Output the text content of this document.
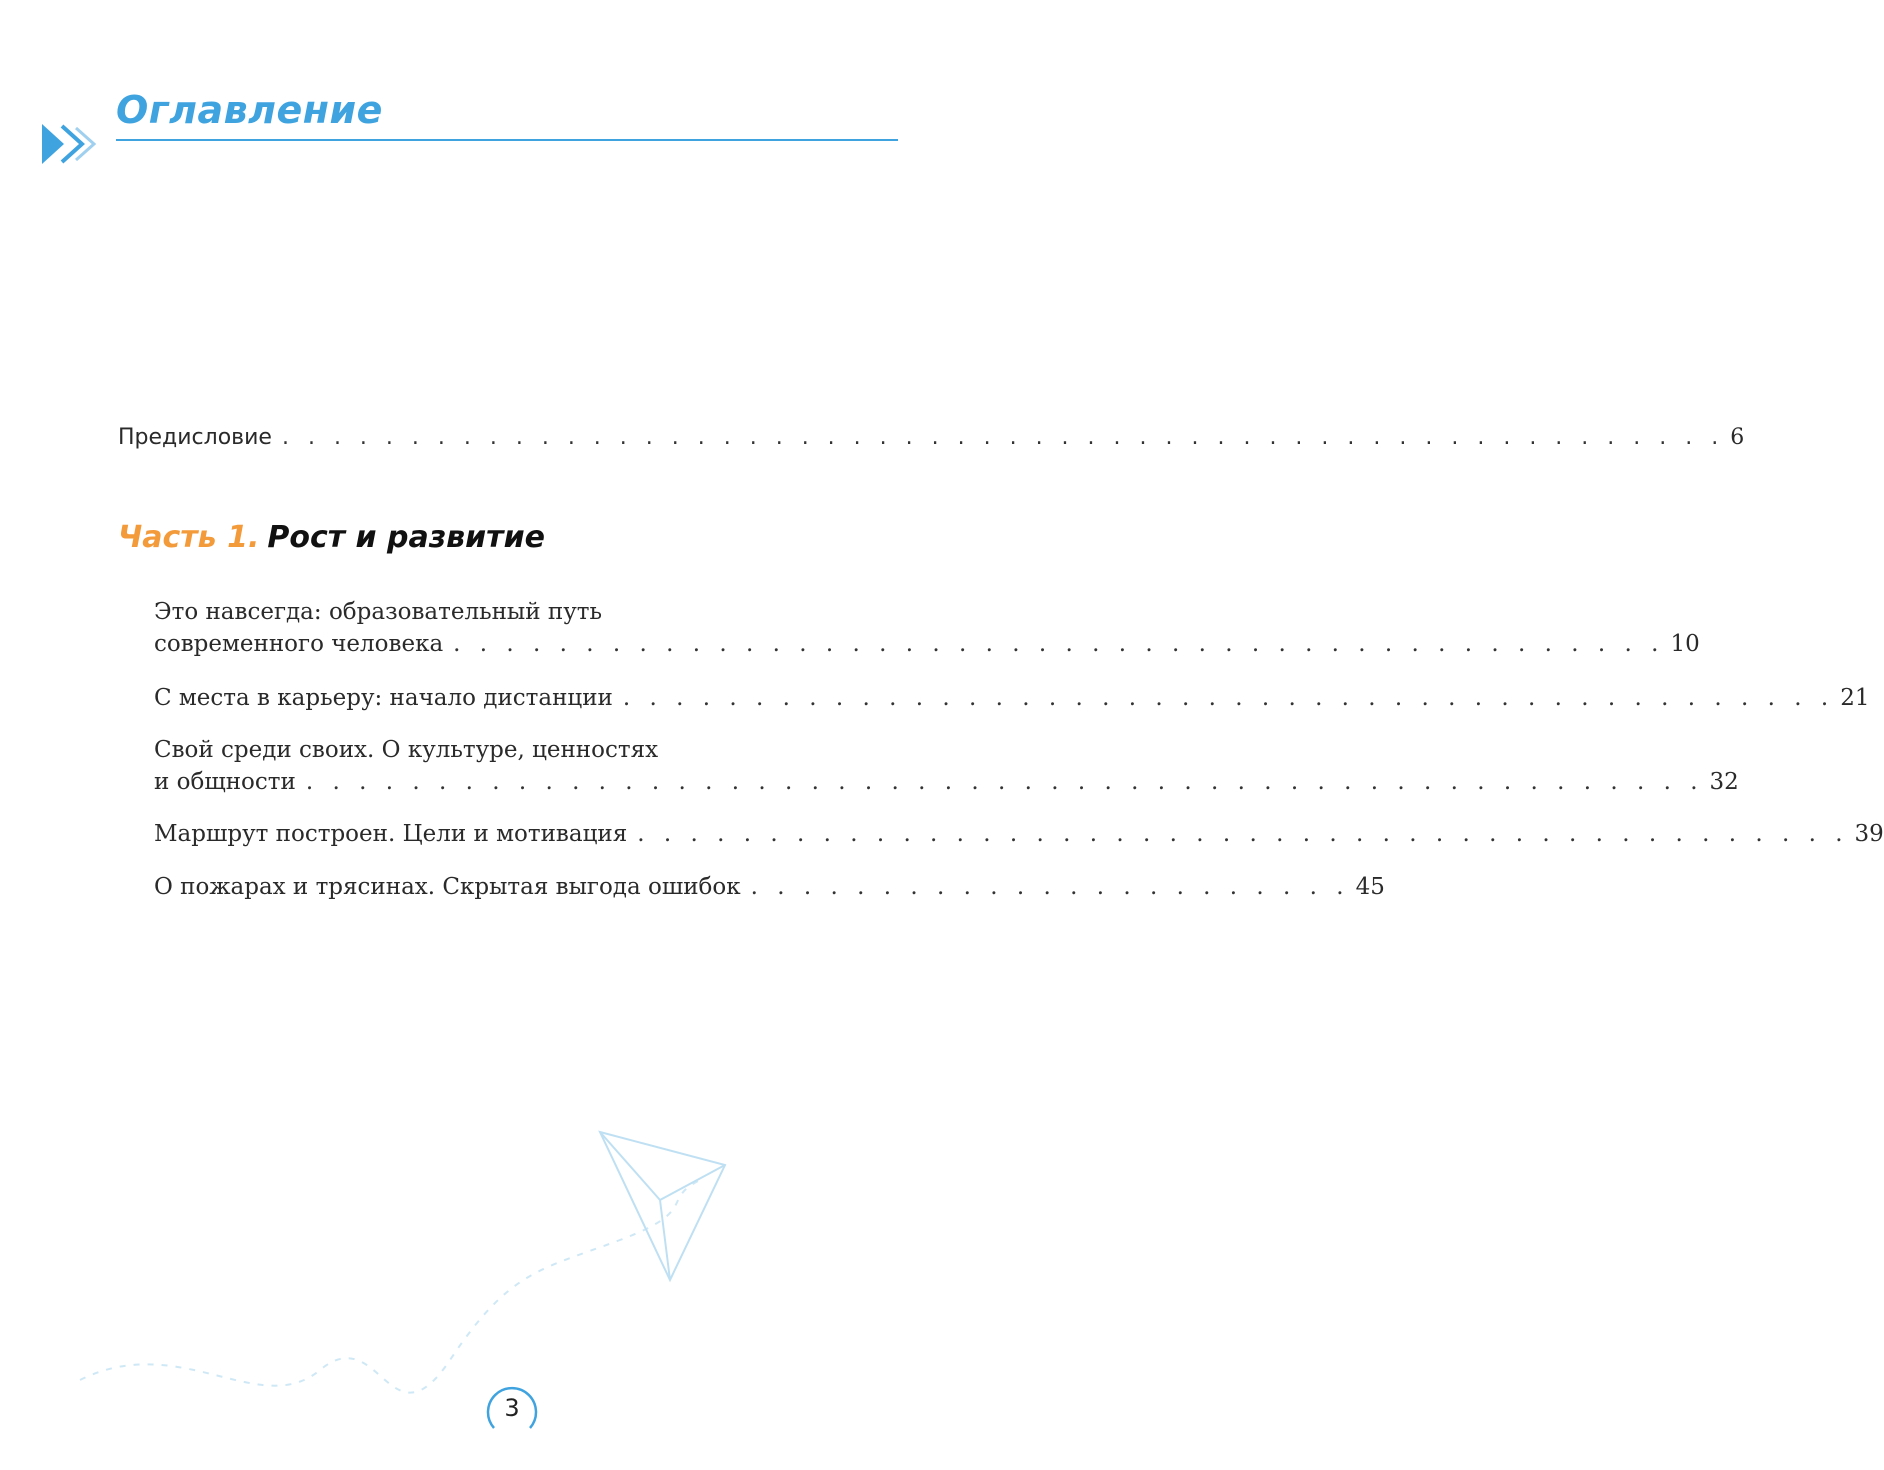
Оглавление
Предисловие . . . . . . . . . . . . . . . . . . . . . . . . . . . . . . . . . . . . . . . . . . . . . . . . . . . . . . . . 6
Часть 1. Рост и развитие
Это навсегда: образовательный путь
современного человека . . . . . . . . . . . . . . . . . . . . . . . . . . . . . . . . . . . . . . . . . . . . . . 10
С места в карьеру: начало дистанции . . . . . . . . . . . . . . . . . . . . . . . . . . . . . . . . . . . . . . . . . . . . . . 21
Свой среди своих. О культуре, ценностях
и общности . . . . . . . . . . . . . . . . . . . . . . . . . . . . . . . . . . . . . . . . . . . . . . . . . . . . . 32
Маршрут построен. Цели и мотивация . . . . . . . . . . . . . . . . . . . . . . . . . . . . . . . . . . . . . . . . . . . . . . 39
О пожарах и трясинах. Скрытая выгода ошибок . . . . . . . . . . . . . . . . . . . . . . . 45
3
